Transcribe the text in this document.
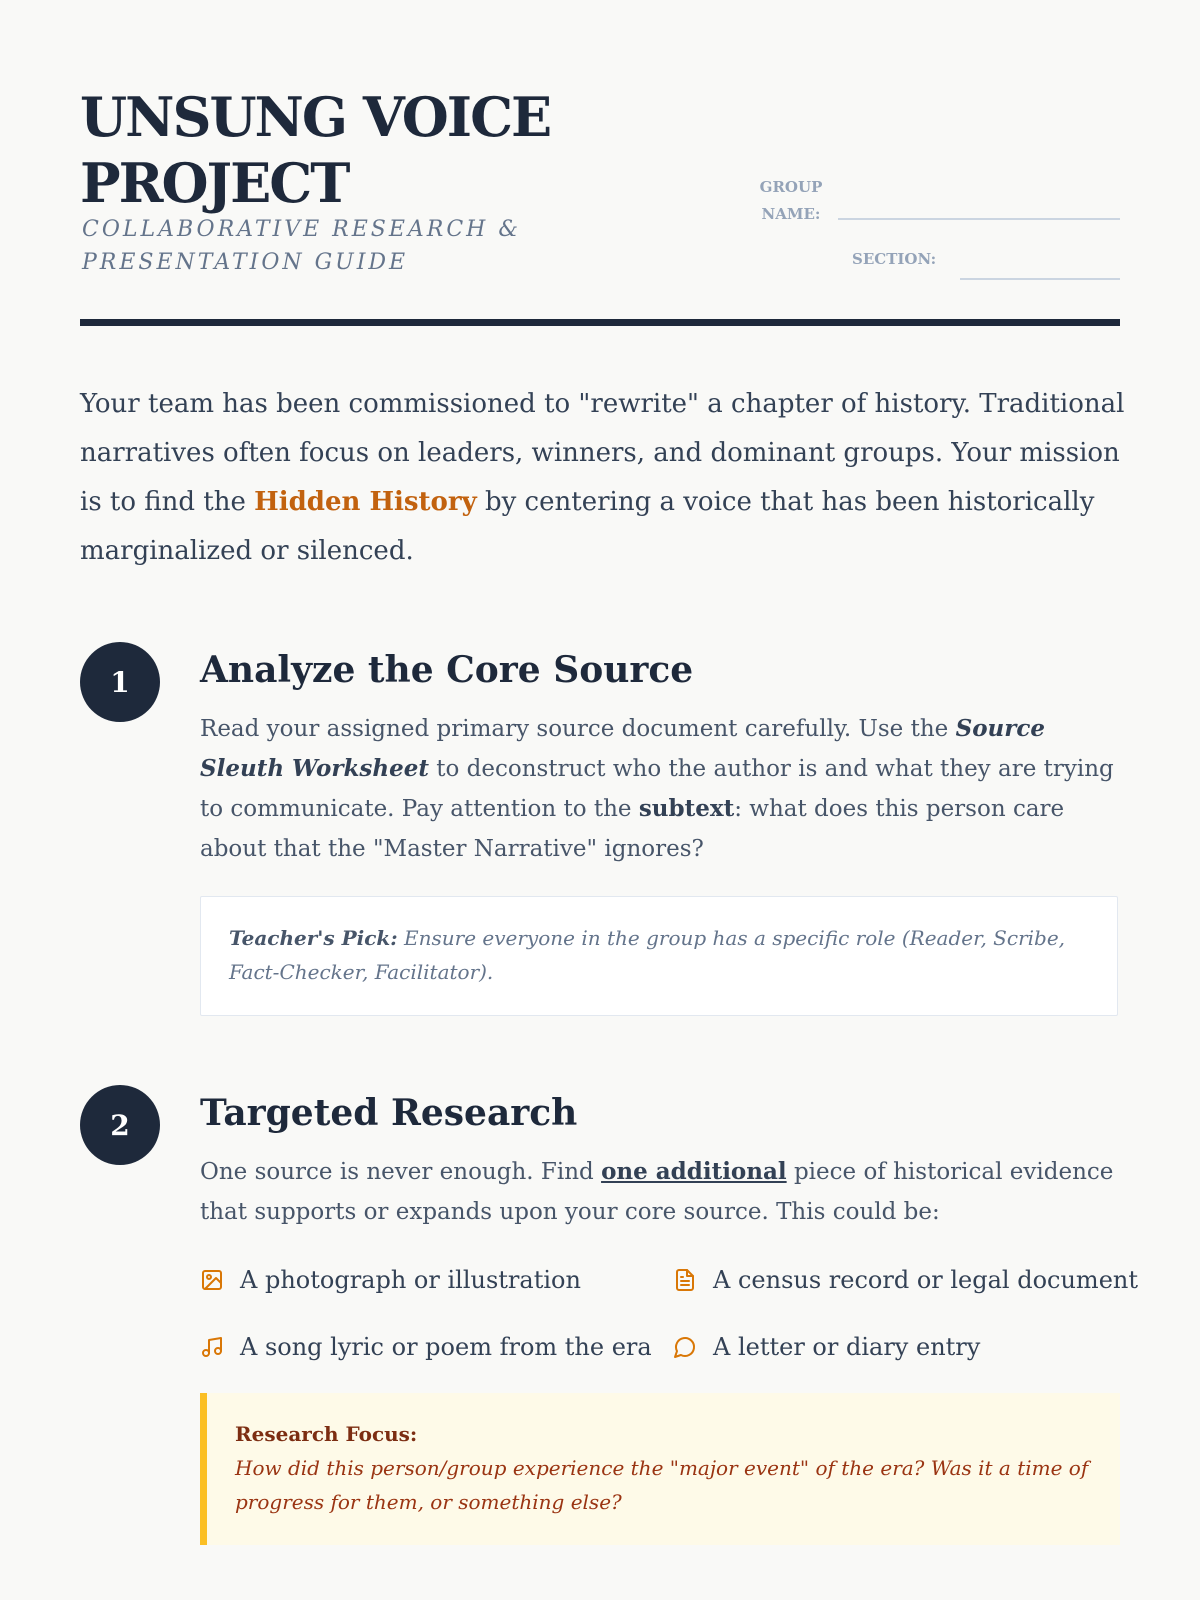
UNSUNG VOICE
PROJECT

COLLABORATIVE RESEARCH & PRESENTATION GUIDE

GROUP
NAME:
SECTION:

Your team has been commissioned to "rewrite" a chapter of history. Traditional narratives often focus on leaders, winners, and dominant groups. Your mission is to find the Hidden History by centering a voice that has been historically marginalized or silenced.

1	Analyze the Core Source

Read your assigned primary source document carefully. Use the Source Sleuth Worksheet to deconstruct who the author is and what they are trying to communicate. Pay attention to the subtext: what does this person care about that the "Master Narrative" ignores?

Teacher's Pick: Ensure everyone in the group has a specific role (Reader, Scribe, Fact-Checker, Facilitator).
2	Targeted Research

One source is never enough. Find one additional piece of historical evidence that supports or expands upon your core source. This could be:

A photograph or illustration	A census record or legal document
A song lyric or poem from the era	A letter or diary entry

Research Focus:

How did this person/group experience the "major event" of the era? Was it a time of progress for them, or something else?
